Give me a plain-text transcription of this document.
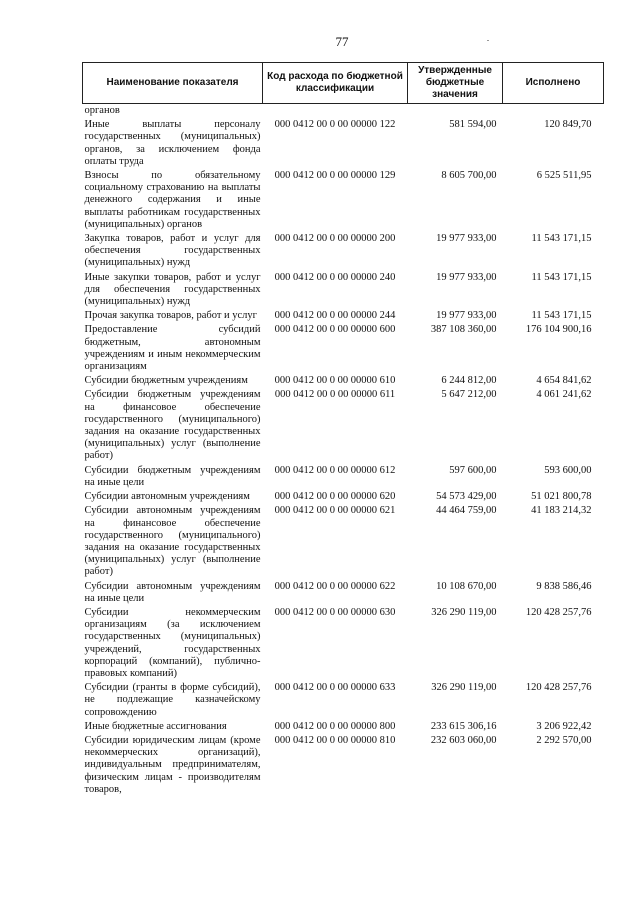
77
Наименование показателя	Код расхода по бюджетной классификации	Утвержденные бюджетные значения	Исполнено
органов			
Иные выплаты персоналу государственных (муниципальных) органов, за исключением фонда оплаты труда	000 0412 00 0 00 00000 122	581 594,00	120 849,70
Взносы по обязательному социальному страхованию на выплаты денежного содержания и иные выплаты работникам государственных (муниципальных) органов	000 0412 00 0 00 00000 129	8 605 700,00	6 525 511,95
Закупка товаров, работ и услуг для обеспечения государственных (муниципальных) нужд	000 0412 00 0 00 00000 200	19 977 933,00	11 543 171,15
Иные закупки товаров, работ и услуг для обеспечения государственных (муниципальных) нужд	000 0412 00 0 00 00000 240	19 977 933,00	11 543 171,15
Прочая закупка товаров, работ и услуг	000 0412 00 0 00 00000 244	19 977 933,00	11 543 171,15
Предоставление субсидий бюджетным, автономным учреждениям и иным некоммерческим организациям	000 0412 00 0 00 00000 600	387 108 360,00	176 104 900,16
Субсидии бюджетным учреждениям	000 0412 00 0 00 00000 610	6 244 812,00	4 654 841,62
Субсидии бюджетным учреждениям на финансовое обеспечение государственного (муниципального) задания на оказание государственных (муниципальных) услуг (выполнение работ)	000 0412 00 0 00 00000 611	5 647 212,00	4 061 241,62
Субсидии бюджетным учреждениям на иные цели	000 0412 00 0 00 00000 612	597 600,00	593 600,00
Субсидии автономным учреждениям	000 0412 00 0 00 00000 620	54 573 429,00	51 021 800,78
Субсидии автономным учреждениям на финансовое обеспечение государственного (муниципального) задания на оказание государственных (муниципальных) услуг (выполнение работ)	000 0412 00 0 00 00000 621	44 464 759,00	41 183 214,32
Субсидии автономным учреждениям на иные цели	000 0412 00 0 00 00000 622	10 108 670,00	9 838 586,46
Субсидии некоммерческим организациям (за исключением государственных (муниципальных) учреждений, государственных корпораций (компаний), публично-правовых компаний)	000 0412 00 0 00 00000 630	326 290 119,00	120 428 257,76
Субсидии (гранты в форме субсидий), не подлежащие казначейскому сопровождению	000 0412 00 0 00 00000 633	326 290 119,00	120 428 257,76
Иные бюджетные ассигнования	000 0412 00 0 00 00000 800	233 615 306,16	3 206 922,42
Субсидии юридическим лицам (кроме некоммерческих организаций), индивидуальным предпринимателям, физическим лицам - производителям товаров,	000 0412 00 0 00 00000 810	232 603 060,00	2 292 570,00
